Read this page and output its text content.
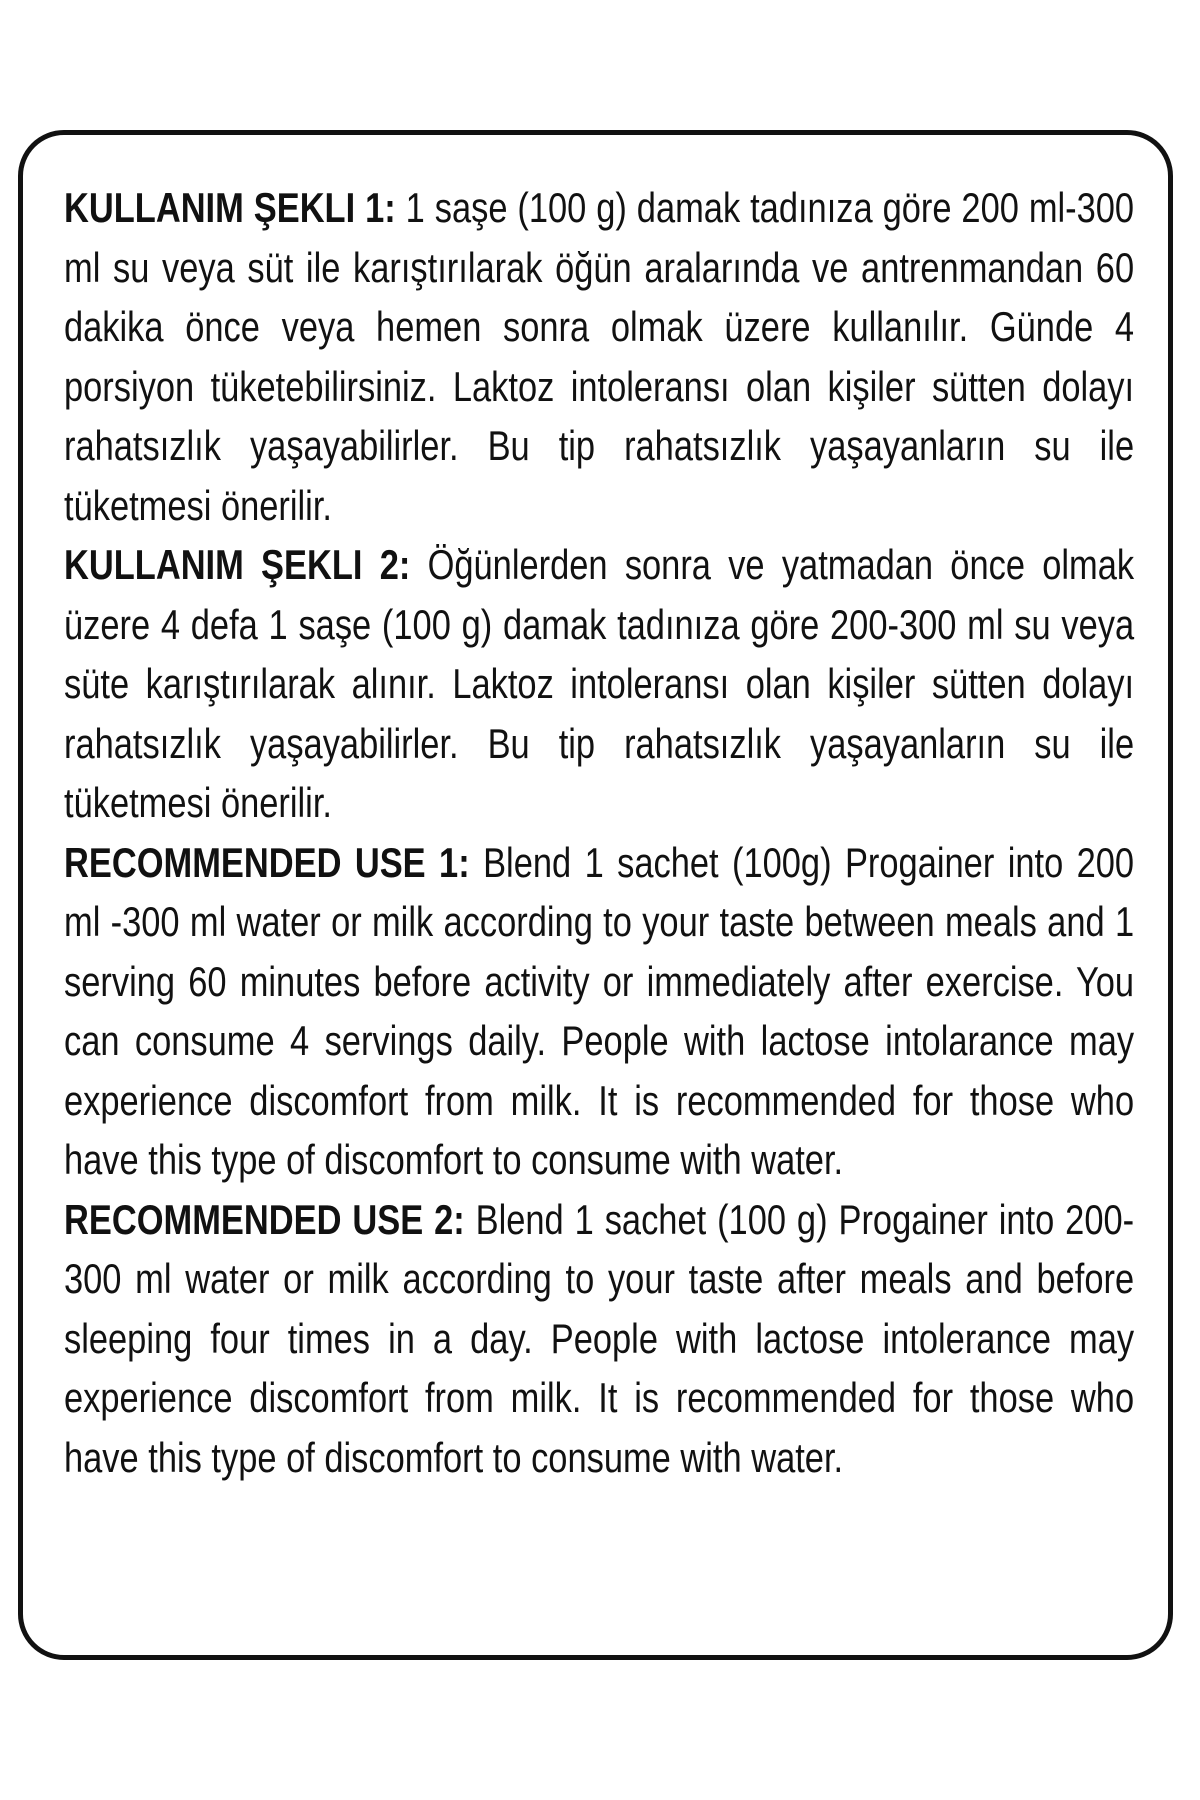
KULLANIM ŞEKLI 1: 1 saşe (100 g) damak tadınıza göre 200 ml-300 ml su veya süt ile karıştırılarak öğün aralarında ve antrenmandan 60 dakika önce veya hemen sonra olmak üzere kullanılır. Günde 4 porsiyon tüketebilirsiniz. Laktoz intoleransı olan kişiler sütten dolayı rahatsızlık yaşayabilirler. Bu tip rahatsızlık yaşayanların su ile tüketmesi önerilir.

KULLANIM ŞEKLI 2: Öğünlerden sonra ve yatmadan önce olmak üzere 4 defa 1 saşe (100 g) damak tadınıza göre 200-300 ml su veya süte karıştırılarak alınır. Laktoz intoleransı olan kişiler sütten dolayı rahatsızlık yaşayabilirler. Bu tip rahatsızlık yaşayanların su ile tüketmesi önerilir.

RECOMMENDED USE 1: Blend 1 sachet (100g) Progainer into 200 ml -300 ml water or milk according to your taste between meals and 1 serving 60 minutes before activity or immediately after exercise. You can consume 4 servings daily. People with lactose intolarance may experience discomfort from milk. It is recommended for those who have this type of discomfort to consume with water.

RECOMMENDED USE 2: Blend 1 sachet (100 g) Progainer into 200-300 ml water or milk according to your taste after meals and before sleeping four times in a day. People with lactose intolerance may experience discomfort from milk. It is recommended for those who have this type of discomfort to consume with water.
